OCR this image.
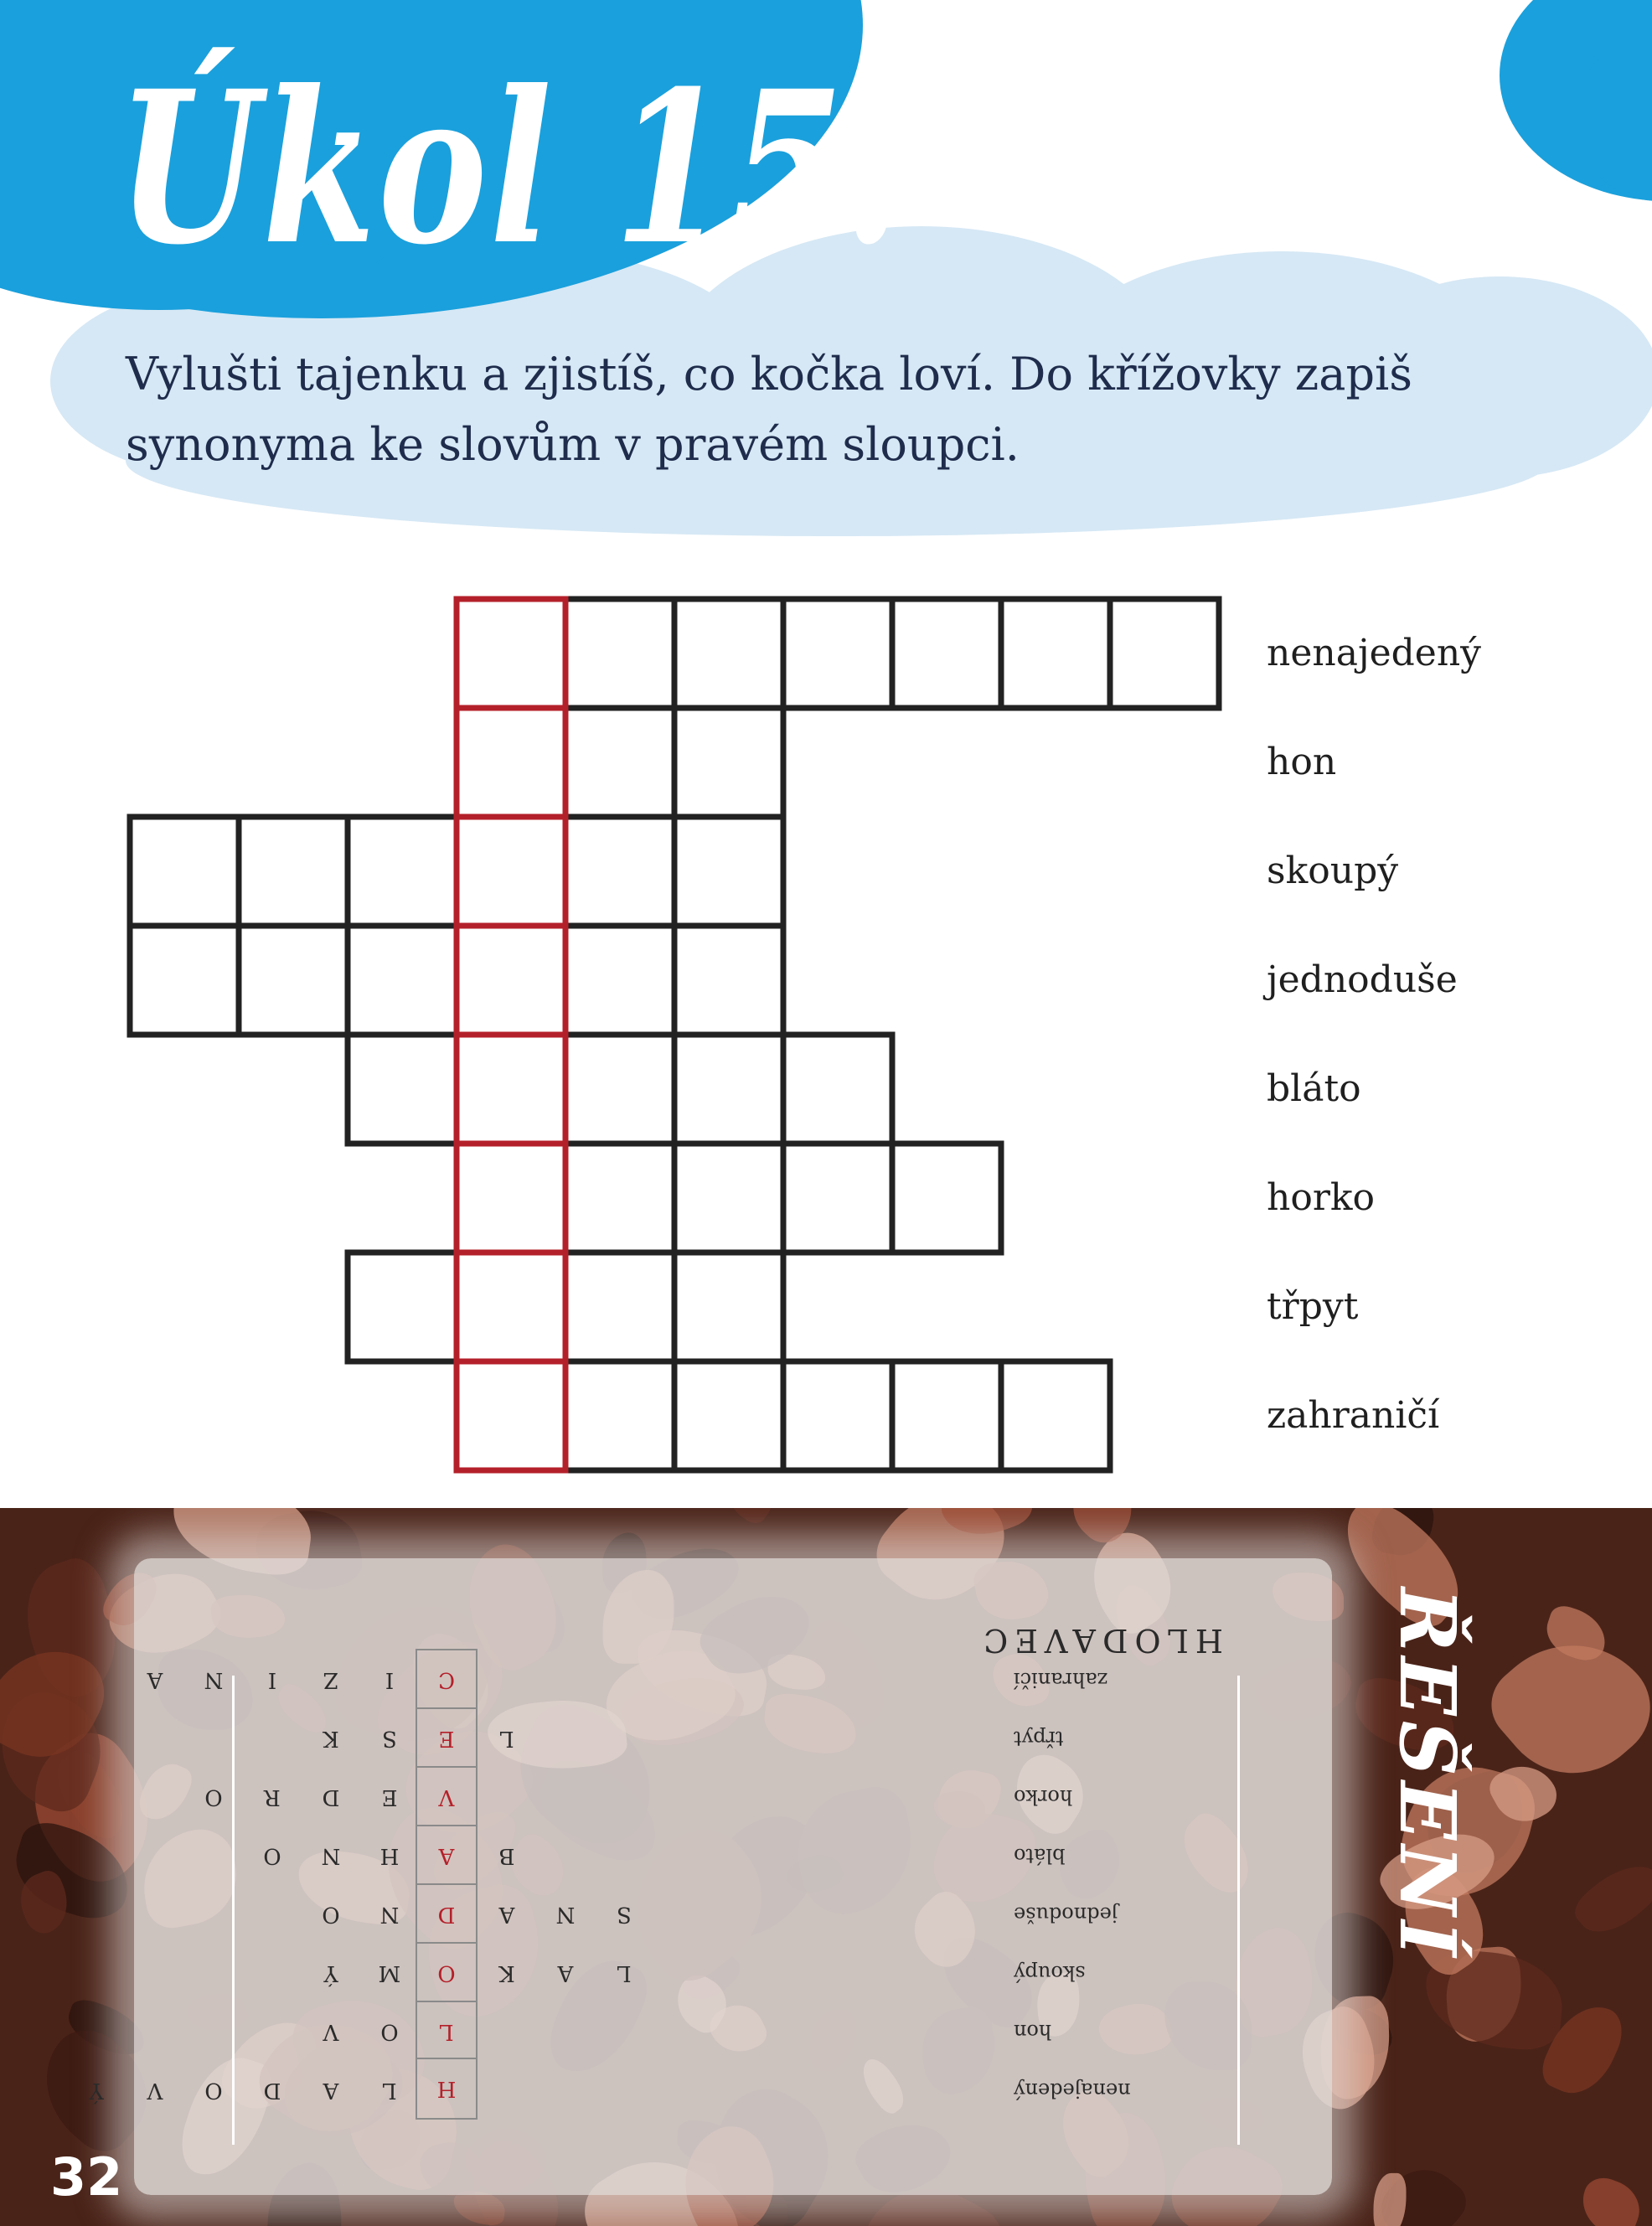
Úkol 15:

Vylušti tajenku a zjistíš, co kočka loví. Do křížovky zapiš synonyma ke slovům v pravém sloupci.

nenajedený

hon

skoupý

jednoduše

bláto

horko

třpyt

zahraničí

nenajedený
H
L
A
D
O
V
Ý
hon
L
O
V
skoupý
L
A
K
O
M
Ý
jednoduše
S
N
A
D
N
O
bláto
B
A
H
N
O
horko
V
E
D
R
O
třpyt
L
E
S
K
zahraničí
C
I
Z
I
N
A

HLODAVEC ŘEŠENÍ

32
